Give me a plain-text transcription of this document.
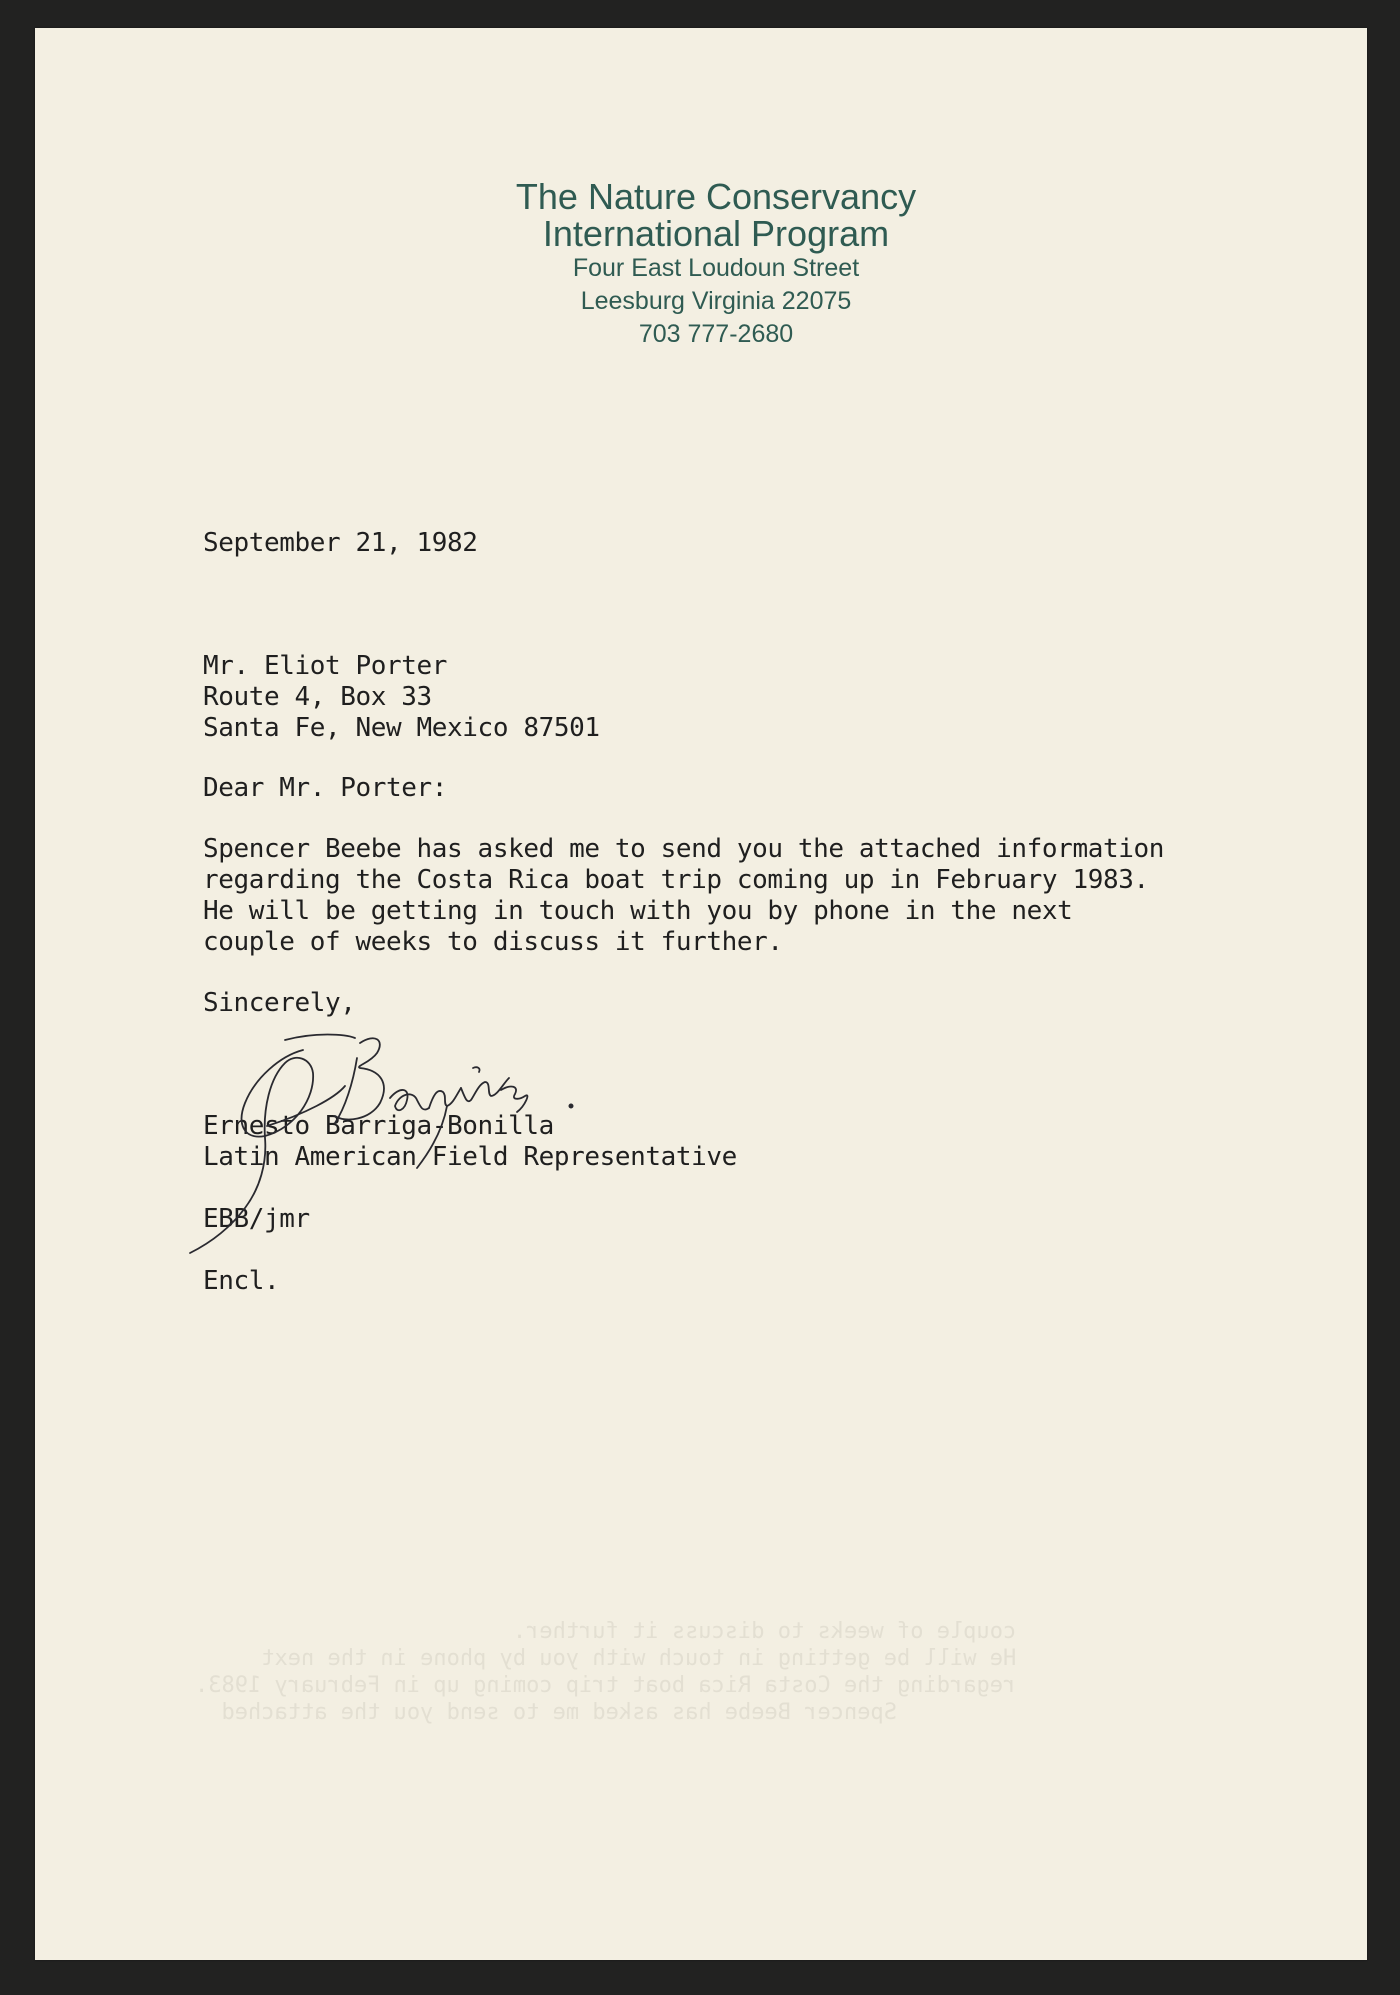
The Nature Conservancy
International Program
Four East Loudoun Street
Leesburg Virginia 22075
703 777-2680
September 21, 1982
Mr. Eliot Porter
Route 4, Box 33
Santa Fe, New Mexico 87501
Dear Mr. Porter:
Spencer Beebe has asked me to send you the attached information
regarding the Costa Rica boat trip coming up in February 1983.
He will be getting in touch with you by phone in the next
couple of weeks to discuss it further.
Sincerely,
Ernesto Barriga-Bonilla
Latin American Field Representative
EBB/jmr
Encl.
couple of weeks to discuss it further.
He will be getting in touch with you by phone in the next
regarding the Costa Rica boat trip coming up in February 1983.
Spencer Beebe has asked me to send you the attached
